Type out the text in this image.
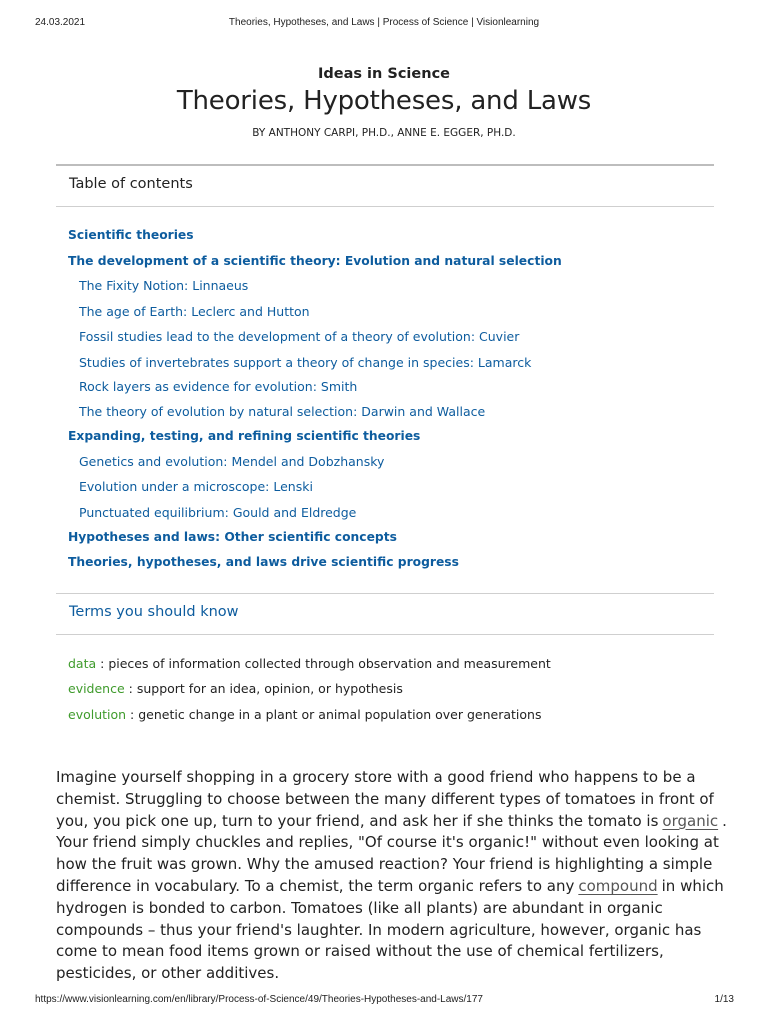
24.03.2021	Theories, Hypotheses, and Laws | Process of Science | Visionlearning
Ideas in Science
Theories, Hypotheses, and Laws
BY ANTHONY CARPI, PH.D., ANNE E. EGGER, PH.D.
Table of contents
Scientific theories
The development of a scientific theory: Evolution and natural selection
The Fixity Notion: Linnaeus
The age of Earth: Leclerc and Hutton
Fossil studies lead to the development of a theory of evolution: Cuvier
Studies of invertebrates support a theory of change in species: Lamarck
Rock layers as evidence for evolution: Smith
The theory of evolution by natural selection: Darwin and Wallace
Expanding, testing, and refining scientific theories
Genetics and evolution: Mendel and Dobzhansky
Evolution under a microscope: Lenski
Punctuated equilibrium: Gould and Eldredge
Hypotheses and laws: Other scientific concepts
Theories, hypotheses, and laws drive scientific progress
Terms you should know
data : pieces of information collected through observation and measurement
evidence : support for an idea, opinion, or hypothesis
evolution : genetic change in a plant or animal population over generations
Imagine yourself shopping in a grocery store with a good friend who happens to be a
chemist. Struggling to choose between the many different types of tomatoes in front of
you, you pick one up, turn to your friend, and ask her if she thinks the tomato is organic .
Your friend simply chuckles and replies, "Of course it's organic!" without even looking at
how the fruit was grown. Why the amused reaction? Your friend is highlighting a simple
difference in vocabulary. To a chemist, the term organic refers to any compound in which
hydrogen is bonded to carbon. Tomatoes (like all plants) are abundant in organic
compounds – thus your friend's laughter. In modern agriculture, however, organic has
come to mean food items grown or raised without the use of chemical fertilizers,
pesticides, or other additives.
https://www.visionlearning.com/en/library/Process-of-Science/49/Theories-Hypotheses-and-Laws/177	1/13
